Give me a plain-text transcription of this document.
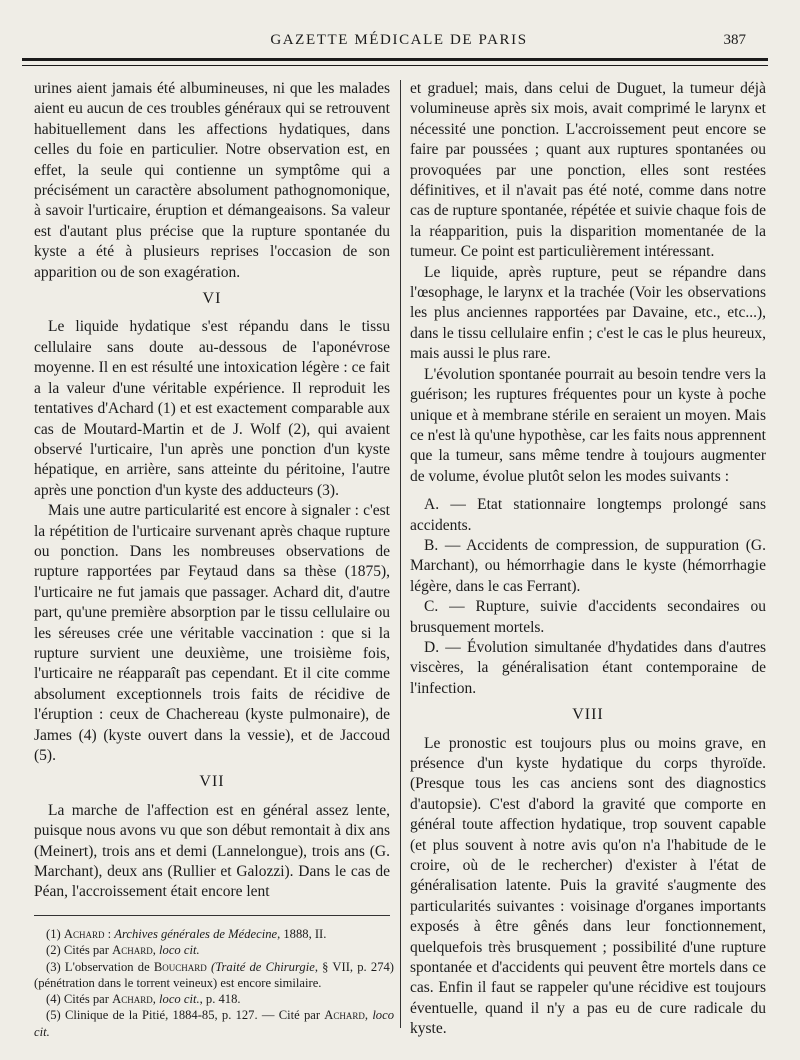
GAZETTE MÉDICALE DE PARIS	387

urines aient jamais été albumineuses, ni que les malades aient eu aucun de ces troubles généraux qui se retrouvent habituellement dans les affections hydatiques, dans celles du foie en particulier. Notre observation est, en effet, la seule qui contienne un symptôme qui a précisément un caractère absolument pathognomonique, à savoir l'urticaire, éruption et démangeaisons. Sa valeur est d'autant plus précise que la rupture spontanée du kyste a été à plusieurs reprises l'occasion de son apparition ou de son exagération.

VI

Le liquide hydatique s'est répandu dans le tissu cellulaire sans doute au-dessous de l'aponévrose moyenne. Il en est résulté une intoxication légère : ce fait a la valeur d'une véritable expérience. Il reproduit les tentatives d'Achard (1) et est exactement comparable aux cas de Moutard-Martin et de J. Wolf (2), qui avaient observé l'urticaire, l'un après une ponction d'un kyste hépatique, en arrière, sans atteinte du péritoine, l'autre après une ponction d'un kyste des adducteurs (3).

Mais une autre particularité est encore à signaler : c'est la répétition de l'urticaire survenant après chaque rupture ou ponction. Dans les nombreuses observations de rupture rapportées par Feytaud dans sa thèse (1875), l'urticaire ne fut jamais que passager. Achard dit, d'autre part, qu'une première absorption par le tissu cellulaire ou les séreuses crée une véritable vaccination : que si la rupture survient une deuxième, une troisième fois, l'urticaire ne réapparaît pas cependant. Et il cite comme absolument exceptionnels trois faits de récidive de l'éruption : ceux de Chachereau (kyste pulmonaire), de James (4) (kyste ouvert dans la vessie), et de Jaccoud (5).

VII

La marche de l'affection est en général assez lente, puisque nous avons vu que son début remontait à dix ans (Meinert), trois ans et demi (Lannelongue), trois ans (G. Marchant), deux ans (Rullier et Galozzi). Dans le cas de Péan, l'accroissement était encore lent

(1) Achard : Archives générales de Médecine, 1888, II.

(2) Cités par Achard, loco cit.

(3) L'observation de Bouchard (Traité de Chirurgie, § VII, p. 274) (pénétration dans le torrent veineux) est encore similaire.

(4) Cités par Achard, loco cit., p. 418.

(5) Clinique de la Pitié, 1884-85, p. 127. — Cité par Achard, loco cit.

et graduel; mais, dans celui de Duguet, la tumeur déjà volumineuse après six mois, avait comprimé le larynx et nécessité une ponction. L'accroissement peut encore se faire par poussées ; quant aux ruptures spontanées ou provoquées par une ponction, elles sont restées définitives, et il n'avait pas été noté, comme dans notre cas de rupture spontanée, répétée et suivie chaque fois de la réapparition, puis la disparition momentanée de la tumeur. Ce point est particulièrement intéressant.

Le liquide, après rupture, peut se répandre dans l'œsophage, le larynx et la trachée (Voir les observations les plus anciennes rapportées par Davaine, etc., etc...), dans le tissu cellulaire enfin ; c'est le cas le plus heureux, mais aussi le plus rare.

L'évolution spontanée pourrait au besoin tendre vers la guérison; les ruptures fréquentes pour un kyste à poche unique et à membrane stérile en seraient un moyen. Mais ce n'est là qu'une hypothèse, car les faits nous apprennent que la tumeur, sans même tendre à toujours augmenter de volume, évolue plutôt selon les modes suivants :

A. — Etat stationnaire longtemps prolongé sans accidents.

B. — Accidents de compression, de suppuration (G. Marchant), ou hémorrhagie dans le kyste (hémorrhagie légère, dans le cas Ferrant).

C. — Rupture, suivie d'accidents secondaires ou brusquement mortels.

D. — Évolution simultanée d'hydatides dans d'autres viscères, la généralisation étant contemporaine de l'infection.

VIII

Le pronostic est toujours plus ou moins grave, en présence d'un kyste hydatique du corps thyroïde. (Presque tous les cas anciens sont des diagnostics d'autopsie). C'est d'abord la gravité que comporte en général toute affection hydatique, trop souvent capable (et plus souvent à notre avis qu'on n'a l'habitude de le croire, où de le rechercher) d'exister à l'état de généralisation latente. Puis la gravité s'augmente des particularités suivantes : voisinage d'organes importants exposés à être gênés dans leur fonctionnement, quelquefois très brusquement ; possibilité d'une rupture spontanée et d'accidents qui peuvent être mortels dans ce cas. Enfin il faut se rappeler qu'une récidive est toujours éventuelle, quand il n'y a pas eu de cure radicale du kyste.
